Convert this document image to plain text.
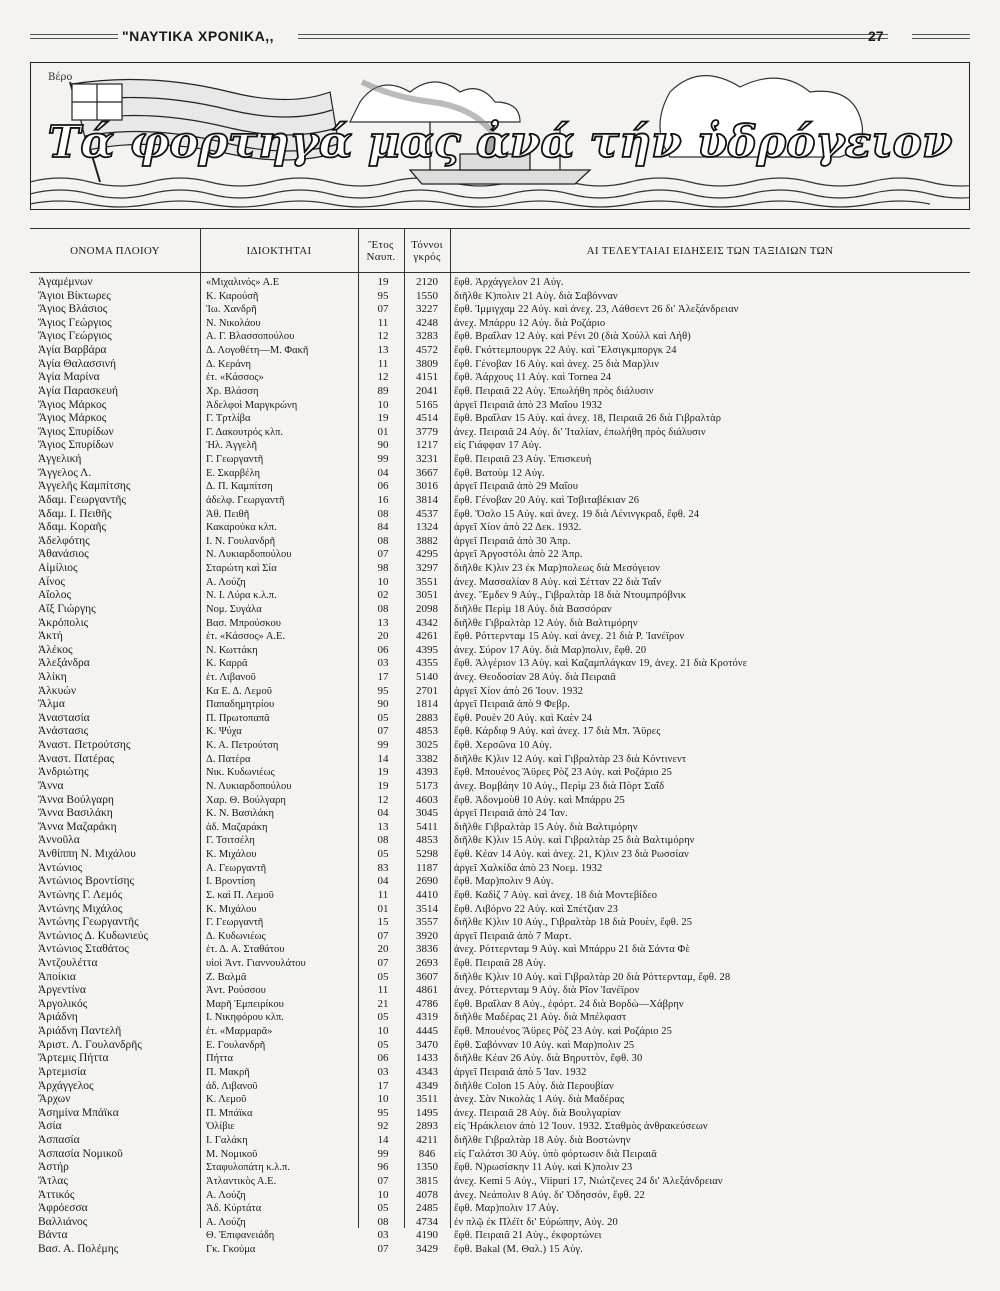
"ΝΑΥΤΙΚΑ ΧΡΟΝΙΚΑ,,	27
Βέρο
Τά φορτηγά μας ἀνά τήν ὑδρόγειον
ΟΝΟΜΑ ΠΛΟΙΟΥ	ΙΔΙΟΚΤΗΤΑΙ	Ἔτος
Ναυπ.
Τόννοι
γκρός	ΑΙ ΤΕΛΕΥΤΑΙΑΙ ΕΙΔΗΣΕΙΣ ΤΩΝ ΤΑΞΙΔΙΩΝ ΤΩΝ
Ἀγαμέμνων	«Μιχαλινός» Α.Ε	19	2120	ἔφθ. Ἀρχάγγελον 21 Αὐγ.
Ἅγιοι Βίκτωρες	Κ. Καρούσῆ	95	1550	διῆλθε Κ)πολιν 21 Αὐγ. διὰ Σαβόνναν
Ἅγιος Βλάσιος	Ἰω. Χανδρῆ	07	3227	ἔφθ. Ἰμμιγχαμ 22 Αὐγ. καὶ ἀνεχ. 23, Λάθσεντ 26 δι' Ἀλεξάνδρειαν
Ἅγιος Γεώργιος	Ν. Νικολάου	11	4248	ἀνεχ. Μπάρρυ 12 Αὐγ. διὰ Ροζάριο
Ἅγιος Γεώργιος	Α. Γ. Βλασσοπούλου	12	3283	ἔφθ. Βραΐλαν 12 Αὐγ. καὶ Ρένι 20 (διὰ Χούλλ καὶ Λήθ)
Ἁγία Βαρβάρα	Δ. Λογοθέτη—Μ. Φακῆ	13	4572	ἔφθ. Γκόττεμπουργκ 22 Αὐγ. καὶ Ἔλσιγκμποργκ 24
Ἁγία Θαλασσινή	Δ. Κεράνη	11	3809	ἔφθ. Γένοβαν 16 Αὐγ. καὶ ἀνεχ. 25 διὰ Μαρ)λιν
Ἁγία Μαρίνα	ἑτ. «Κάσσος»	12	4151	ἔφθ. Ἀάρχους 11 Αὐγ. καὶ Tornea 24
Ἁγία Παρασκευή	Χρ. Βλάσση	89	2041	ἔφθ. Πειραιᾶ 22 Αὐγ. Ἐπωλήθη πρὸς διάλυσιν
Ἅγιος Μάρκος	Ἀδελφοὶ Μαργκρώνη	10	5165	ἀργεῖ Πειραιᾶ ἀπὸ 23 Μαΐου 1932
Ἅγιος Μάρκος	Γ. Τρτλίβα	19	4514	ἔφθ. Βραΐλαν 15 Αὐγ. καὶ ἀνεχ. 18, Πειραιᾶ 26 διὰ Γιβραλτὰρ
Ἅγιος Σπυρίδων	Γ. Δακουτρός κλπ.	01	3779	ἀνεχ. Πειραιᾶ 24 Αὐγ. δι' Ἰταλίαν, ἐπωλήθη πρὸς διάλυσιν
Ἅγιος Σπυρίδων	Ἠλ. Ἀγγελῆ	90	1217	εἰς Γιάφφαν 17 Αὐγ.
Ἀγγελική	Γ. Γεωργαντῆ	99	3231	ἔφθ. Πειραιᾶ 23 Αὐγ. Ἐπισκευὴ
Ἄγγελος Λ.	Ε. Σκαρβέλη	04	3667	ἔφθ. Βατοὺμ 12 Αὐγ.
Ἀγγελῆς Καμπίτσης	Δ. Π. Καμπίτση	06	3016	ἀργεῖ Πειραιᾶ ἀπὸ 29 Μαΐου
Ἀδαμ. Γεωργαντῆς	ἀδελφ. Γεωργαντῆ	16	3814	ἔφθ. Γένοβαν 20 Αὐγ. καὶ Τσβιταβέκιαν 26
Ἀδαμ. Ι. Πειθῆς	Ἀθ. Πειθῆ	08	4537	ἔφθ. Ὄσλο 15 Αὐγ. καὶ ἀνεχ. 19 διὰ Λένινγκραδ, ἔφθ. 24
Ἀδαμ. Κοραῆς	Κακαρούκα κλπ.	84	1324	ἀργεῖ Χίον ἀπὸ 22 Δεκ. 1932.
Ἀδελφότης	Ι. Ν. Γουλανδρῆ	08	3882	ἀργεῖ Πειραιᾶ ἀπὸ 30 Ἀπρ.
Ἀθανάσιος	Ν. Λυκιαρδοπούλου	07	4295	ἀργεῖ Ἀργοστόλι ἀπὸ 22 Ἀπρ.
Αἰμίλιος	Σταρώτη καὶ Σία	98	3297	διῆλθε Κ)λιν 23 ἐκ Μαρ)πολεως διὰ Μεσόγειον
Αἶνος	Α. Λούζη	10	3551	ἀνεχ. Μασσαλίαν 8 Αὐγ. καὶ Σέτταν 22 διὰ Ταΐν
Αἴολος	Ν. Ι. Λύρα κ.λ.π.	02	3051	ἀνεχ. Ἔμδεν 9 Αὐγ., Γιβραλτὰρ 18 διὰ Ντουμπρόβνικ
Αἴξ Γιώργης	Νομ. Συγάλα	08	2098	διῆλθε Περὶμ 18 Αὐγ. διὰ Βασσόραν
Ἀκρόπολις	Βασ. Μπρούσκου	13	4342	διῆλθε Γιβραλτὰρ 12 Αὐγ. διὰ Βαλτιμόρην
Ἀκτή	ἑτ. «Κάσσος» Α.Ε.	20	4261	ἔφθ. Ρόττερνταμ 15 Αὐγ. καὶ ἀνεχ. 21 διὰ Ρ. Ἰανέϊρον
Ἀλέκος	Ν. Κωττάκη	06	4395	ἀνεχ. Σύρον 17 Αὐγ. διὰ Μαρ)πολιν, ἔφθ. 20
Ἀλεξάνδρα	Κ. Καρρᾶ	03	4355	ἔφθ. Ἀλγέριον 13 Αὐγ. καὶ Καζαμπλάγκαν 19, ἀνεχ. 21 διὰ Κροτόνε
Ἀλίκη	ἑτ. Λιβανοῦ	17	5140	ἀνεχ. Θεοδοσίαν 28 Αὐγ. διὰ Πειραιᾶ
Ἀλκυών	Κα Ε. Δ. Λεμοῦ	95	2701	ἀργεῖ Χίον ἀπὸ 26 Ἰουν. 1932
Ἅλμα	Παπαδημητρίου	90	1814	ἀργεῖ Πειραιᾶ ἀπὸ 9 Φεβρ.
Ἀναστασία	Π. Πρωτοπαπᾶ	05	2883	ἔφθ. Ρουὲν 20 Αὐγ. καὶ Καὲν 24
Ἀνάστασις	Κ. Ψύχα	07	4853	ἔφθ. Κάρδιφ 9 Αὐγ. καὶ ἀνεχ. 17 διὰ Μπ. Ἅϋρες
Ἀναστ. Πετρούτσης	Κ. Α. Πετρούτση	99	3025	ἔφθ. Χερσῶνα 10 Αὐγ.
Ἀναστ. Πατέρας	Δ. Πατέρα	14	3382	διῆλθε Κ)λιν 12 Αὐγ. καὶ Γιβραλτὰρ 23 διὰ Κόντινεντ
Ἀνδριώτης	Νικ. Κυδωνιέως	19	4393	ἔφθ. Μπουένος Ἅϋρες Ρὸζ 23 Αὐγ. καὶ Ροζάριο 25
Ἄννα	Ν. Λυκιαρδοπούλου	19	5173	ἀνεχ. Βομβάην 10 Αὐγ., Περὶμ 23 διὰ Πὸρτ Σαΐδ
Ἄννα Βούλγαρη	Χαρ. Θ. Βούλγαρη	12	4603	ἔφθ. Ἀδονμοὺθ 10 Αὐγ. καὶ Μπάρρυ 25
Ἄννα Βασιλάκη	Κ. Ν. Βασιλάκη	04	3045	ἀργεῖ Πειραιᾶ ἀπὸ 24 Ἰαν.
Ἄννα Μαζαράκη	ἀδ. Μαζαράκη	13	5411	διῆλθε Γιβραλτὰρ 15 Αὐγ. διὰ Βαλτιμόρην
Ἀννοῦλα	Γ. Τσιτσέλη	08	4853	διῆλθε Κ)λιν 15 Αὐγ. καὶ Γιβραλτὰρ 25 διὰ Βαλτιμόρην
Ἀνθίππη Ν. Μιχάλου	Κ. Μιχάλου	05	5298	ἔφθ. Κέαν 14 Αὐγ. καὶ ἀνεχ. 21, Κ)λιν 23 διὰ Ρωσσίαν
Ἀντώνιος	Α. Γεωργαντῆ	83	1187	ἀργεῖ Χαλκίδα ἀπὸ 23 Νοεμ. 1932
Ἀντώνιος Βροντίσης	Ι. Βροντίση	04	2690	ἔφθ. Μαρ)πολιν 9 Αὐγ.
Ἀντώνης Γ. Λεμός	Σ. καὶ Π. Λεμοῦ	11	4410	ἔφθ. Καδὶζ 7 Αὐγ. καὶ ἀνεχ. 18 διὰ Μοντεβίδεο
Ἀντώνης Μιχάλος	Κ. Μιχάλου	01	3514	ἔφθ. Λιβόρνο 22 Αὐγ. καὶ Σπέτζιαν 23
Ἀντώνης Γεωργαντῆς	Γ. Γεωργαντῆ	15	3557	διῆλθε Κ)λιν 10 Αὐγ., Γιβραλτὰρ 18 διὰ Ρουὲν, ἔφθ. 25
Ἀντώνιος Δ. Κυδωνιεύς	Δ. Κυδωνιέως	07	3920	ἀργεῖ Πειραιᾶ ἀπὸ 7 Μαρτ.
Ἀντώνιος Σταθάτος	ἑτ. Δ. Α. Σταθάτου	20	3836	ἀνεχ. Ρόττερνταμ 9 Αὐγ. καὶ Μπάρρυ 21 διὰ Σάντα Φὲ
Ἀντζουλέττα	υἱοὶ Ἀντ. Γιαννουλάτου	07	2693	ἔφθ. Πειραιᾶ 28 Αὐγ.
Ἀποίκια	Ζ. Βαλμᾶ	05	3607	διῆλθε Κ)λιν 10 Αὐγ. καὶ Γιβραλτὰρ 20 διὰ Ρόττερνταμ, ἔφθ. 28
Ἀργεντίνα	Ἀντ. Ρούσσου	11	4861	ἀνεχ. Ρόττερνταμ 9 Αὐγ. διὰ Ρῖον Ἰανέϊρον
Ἀργολικός	Μαρῆ Ἐμπειρίκου	21	4786	ἔφθ. Βραΐλαν 8 Αὐγ., ἐφόρτ. 24 διὰ Βορδὼ—Χάβρην
Ἀριάδνη	Ι. Νικηφόρου κλπ.	05	4319	διῆλθε Μαδέρας 21 Αὐγ. διὰ Μπέλφαστ
Ἀριάδνη Παντελῆ	ἑτ. «Μαρμαρᾶ»	10	4445	ἔφθ. Μπουένος Ἅϋρες Ρὸζ 23 Αὐγ. καὶ Ροζάριο 25
Ἀριστ. Λ. Γουλανδρῆς	Ε. Γουλανδρῆ	05	3470	ἔφθ. Σαβόνναν 10 Αὐγ. καὶ Μαρ)πολιν 25
Ἄρτεμις Πήττα	Πήττα	06	1433	διῆλθε Κέαν 26 Αὐγ. διὰ Βηρυττὸν, ἔφθ. 30
Ἀρτεμισία	Π. Μακρῆ	03	4343	ἀργεῖ Πειραιᾶ ἀπὸ 5 Ἰαν. 1932
Ἀρχάγγελος	ἀδ. Λιβανοῦ	17	4349	διῆλθε Colon 15 Αὐγ. διὰ Περουβίαν
Ἄρχων	Κ. Λεμοῦ	10	3511	ἀνεχ. Σὰν Νικολὰς 1 Αὐγ. διὰ Μαδέρας
Ἀσημίνα Μπάϊκα	Π. Μπάϊκα	95	1495	ἀνεχ. Πειραιᾶ 28 Αὐγ. διὰ Βουλγαρίαν
Ἀσία	Ὀλίβιε	92	2893	εἰς Ἡράκλειον ἀπὸ 12 Ἰουν. 1932. Σταθμὸς ἀνθρακεύσεων
Ἀσπασία	Ι. Γαλάκη	14	4211	διῆλθε Γιβραλτὰρ 18 Αὐγ. διὰ Βοστώνην
Ἀσπασία Νομικοῦ	Μ. Νομικοῦ	99	846	εἰς Γαλάτσι 30 Αὐγ. ὑπὸ φόρτωσιν διὰ Πειραιᾶ
Ἀστήρ	Σταφυλοπάτη κ.λ.π.	96	1350	ἔφθ. Ν)ρωσίσκην 11 Αὐγ. καὶ Κ)πολιν 23
Ἄτλας	Ἀτλαντικὸς Α.Ε.	07	3815	ἀνεχ. Kemi 5 Αὐγ., Viipuri 17, Νιώτζενες 24 δι' Ἀλεξάνδρειαν
Ἀττικός	Α. Λούζη	10	4078	ἀνεχ. Νεάπολιν 8 Αὐγ. δι' Ὀδησσόν, ἔφθ. 22
Ἀφρόεσσα	Ἀδ. Κύρτάτα	05	2485	ἔφθ. Μαρ)πολιν 17 Αὐγ.
Βαλλιάνος	Α. Λούζη	08	4734	ἐν πλῷ ἐκ Πλέϊτ δι' Εὐρώπην, Αὐγ. 20
Βάντα	Θ. Ἐπιφανειάδη	03	4190	ἔφθ. Πειραιᾶ 21 Αὐγ., ἐκφορτώνει
Βασ. Α. Πολέμης	Γκ. Γκούμα	07	3429	ἔφθ. Bakal (Μ. Θαλ.) 15 Αὐγ.
